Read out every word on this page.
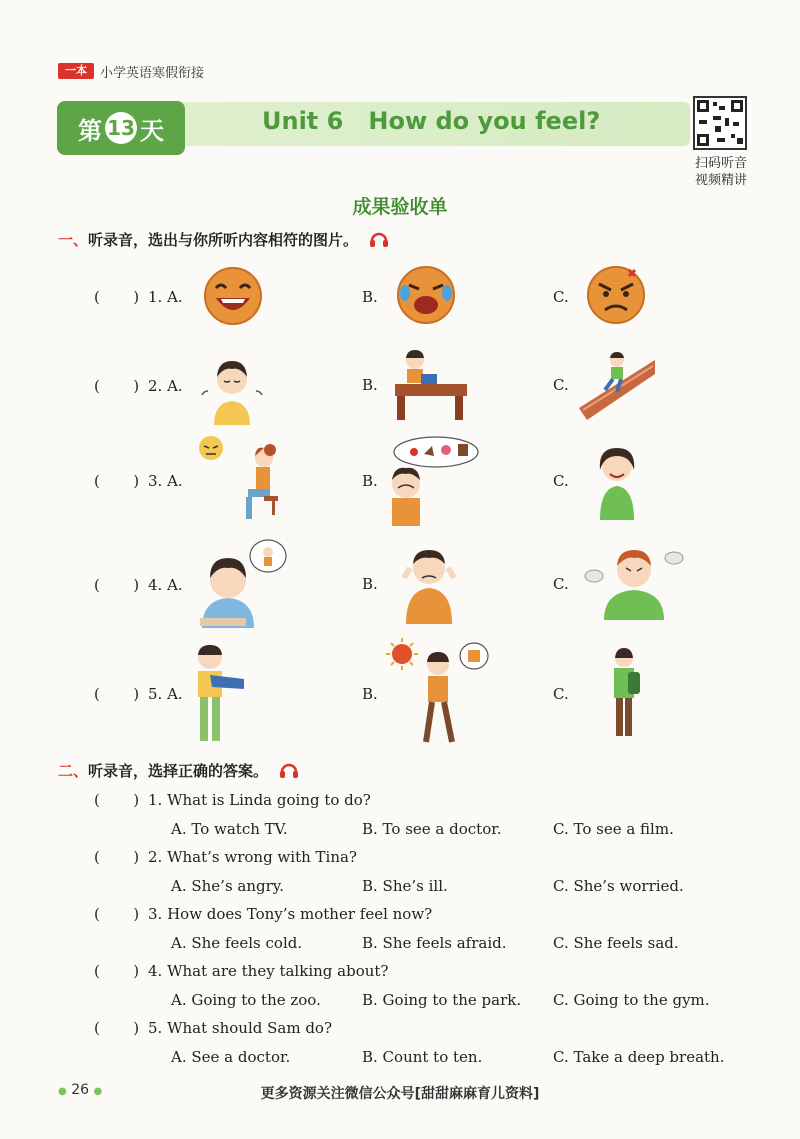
一本	小学英语寒假衔接
第 13 天	Unit 6   How do you feel?
扫码听音
视频精讲
成果验收单
一、听录音，选出与你所听内容相符的图片。
(       ) 1. A.	B.	C.
(       ) 2. A.	B.	C.
(       ) 3. A.	B.	C.
(       ) 4. A.	B.	C.
(       ) 5. A.	B.	C.
二、听录音，选择正确的答案。
(       ) 1. What is Linda going to do?
A. To watch TV.	B. To see a doctor.	C. To see a film.
(       ) 2. What’s wrong with Tina?
A. She’s angry.	B. She’s ill.	C. She’s worried.
(       ) 3. How does Tony’s mother feel now?
A. She feels cold.	B. She feels afraid.	C. She feels sad.
(       ) 4. What are they talking about?
A. Going to the zoo.	B. Going to the park. C. Going to the gym.
(       ) 5. What should Sam do?
A. See a doctor.	B. Count to ten.	C. Take a deep breath.
更多资源关注微信公众号[甜甜麻麻育儿资料]
● 26 ●
